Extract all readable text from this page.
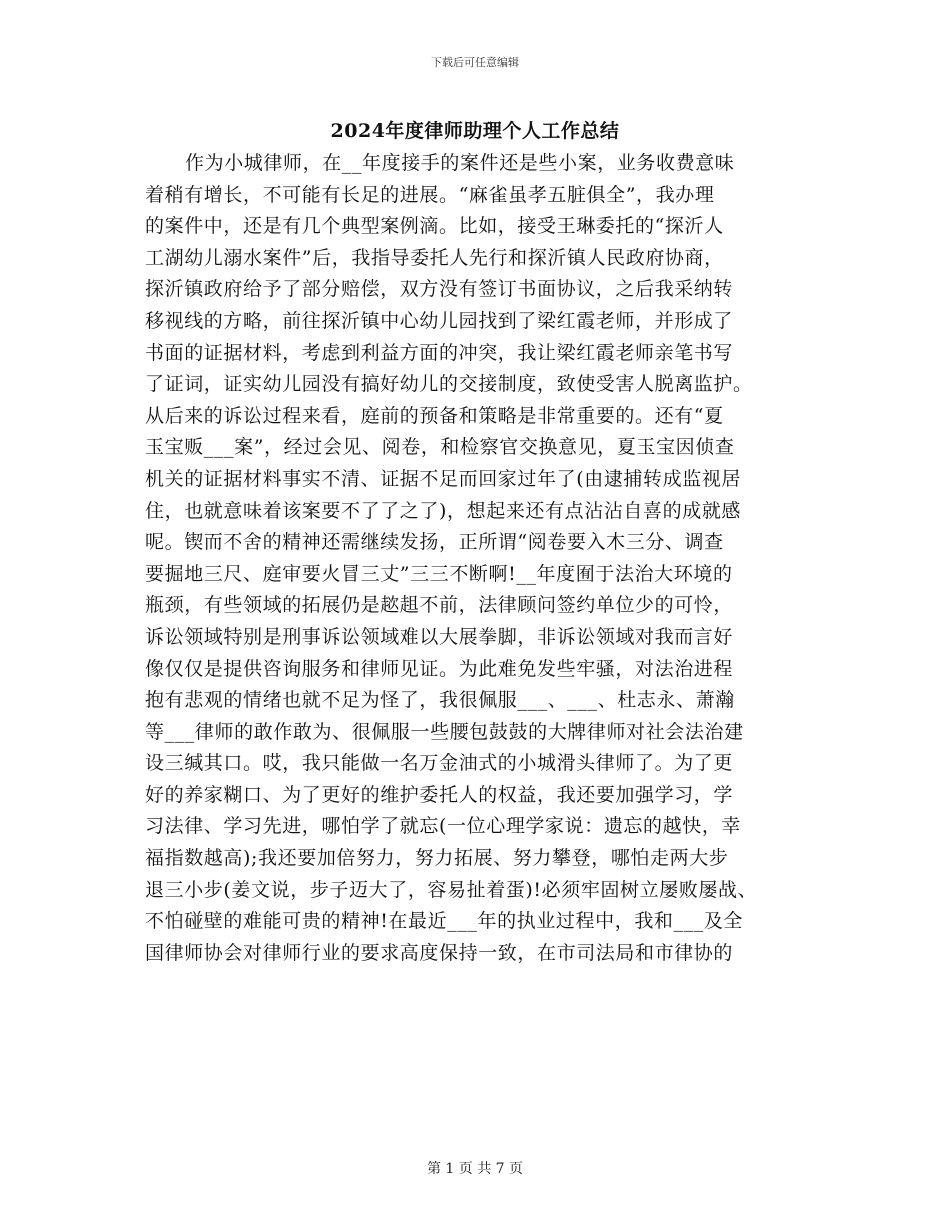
下载后可任意编辑
2024年度律师助理个人工作总结
作为小城律师，在__年度接手的案件还是些小案，业务收费意味
着稍有增长，不可能有长足的进展。“麻雀虽孝五脏俱全”，我办理
的案件中，还是有几个典型案例滴。比如，接受王琳委托的“探沂人
工湖幼儿溺水案件”后，我指导委托人先行和探沂镇人民政府协商，
探沂镇政府给予了部分赔偿，双方没有签订书面协议，之后我采纳转
移视线的方略，前往探沂镇中心幼儿园找到了梁红霞老师，并形成了
书面的证据材料，考虑到利益方面的冲突，我让梁红霞老师亲笔书写
了证词，证实幼儿园没有搞好幼儿的交接制度，致使受害人脱离监护。
从后来的诉讼过程来看，庭前的预备和策略是非常重要的。还有“夏
玉宝贩___案”，经过会见、阅卷，和检察官交换意见，夏玉宝因侦查
机关的证据材料事实不清、证据不足而回家过年了(由逮捕转成监视居
住，也就意味着该案要不了了之了)，想起来还有点沾沾自喜的成就感
呢。锲而不舍的精神还需继续发扬，正所谓“阅卷要入木三分、调查
要掘地三尺、庭审要火冒三丈”三三不断啊!__年度囿于法治大环境的
瓶颈，有些领域的拓展仍是趑趄不前，法律顾问签约单位少的可怜，
诉讼领域特别是刑事诉讼领域难以大展拳脚，非诉讼领域对我而言好
像仅仅是提供咨询服务和律师见证。为此难免发些牢骚，对法治进程
抱有悲观的情绪也就不足为怪了，我很佩服___、___、杜志永、萧瀚
等___律师的敢作敢为、很佩服一些腰包鼓鼓的大牌律师对社会法治建
设三缄其口。哎，我只能做一名万金油式的小城滑头律师了。为了更
好的养家糊口、为了更好的维护委托人的权益，我还要加强学习，学
习法律、学习先进，哪怕学了就忘(一位心理学家说：遗忘的越快，幸
福指数越高);我还要加倍努力，努力拓展、努力攀登，哪怕走两大步
退三小步(姜文说，步子迈大了，容易扯着蛋)!必须牢固树立屡败屡战、
不怕碰壁的难能可贵的精神!在最近___年的执业过程中，我和___及全
国律师协会对律师行业的要求高度保持一致，在市司法局和市律协的
第 1 页 共 7 页
